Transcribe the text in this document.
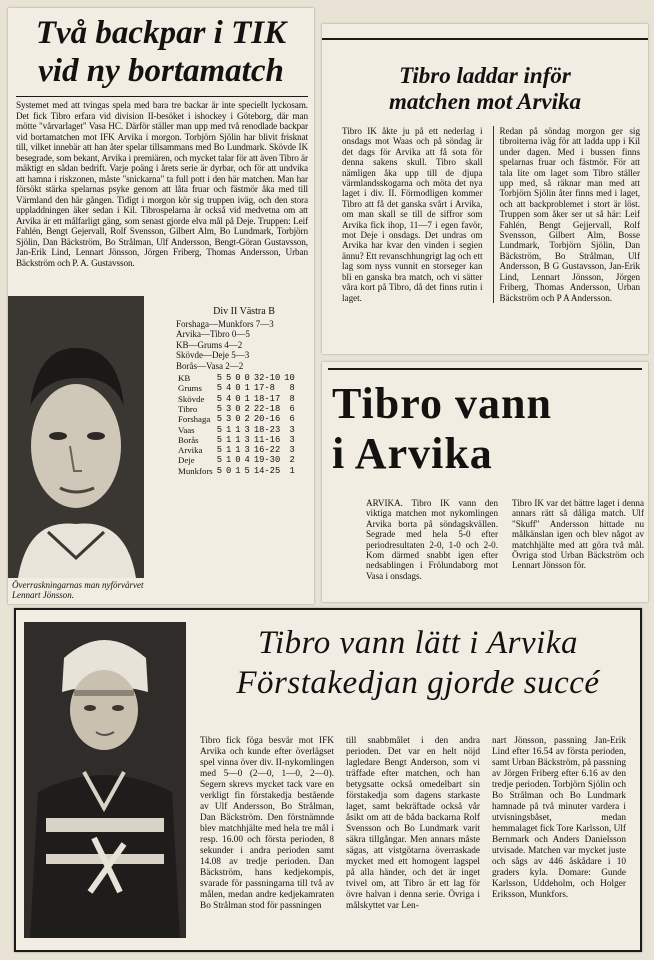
Två backpar i TIK
vid ny bortamatch
Systemet med att tvingas spela med bara tre backar är inte speciellt lyckosam. Det fick Tibro erfara vid division II-besöket i ishockey i Göteborg, där man mötte "vårvarlaget" Vasa HC. Därför ställer man upp med två renodlade backpar vid bortamatchen mot IFK Arvika i morgon. Torbjörn Sjölin har blivit frisknat till, vilket innebär att han åter spelar tillsammans med Bo Lundmark. Skövde IK besegrade, som bekant, Arvika i premiären, och mycket talar för att även Tibro är mäktigt en sådan bedrift. Varje poäng i årets serie är dyrbar, och för att undvika att hamna i riskzonen, måste "snickarna" ta full pott i den här matchen. Man har försökt stärka spelarnas psyke genom att låta fruar och fästmör åka med till Värmland den här gången. Tidigt i morgon kör sig truppen iväg, och den stora uppladdningen äker sedan i Kil. Tibrospelarna är också vid medvetna om att Arvika är ett målfarligt gäng, som senast gjorde elva mål på Deje. Truppen: Leif Fahlén, Bengt Gejervall, Rolf Svensson, Gilbert Alm, Bo Lundmark, Torbjörn Sjölin, Dan Bäckström, Bo Strålman, Ulf Andersson, Bengt-Göran Gustavsson, Jan-Erik Lind, Lennart Jönsson, Jörgen Friberg, Thomas Andersson, Urban Bäckström och P. A. Gustavsson.
Överraskningarnas man nyförvärvet Lennart Jönsson.
Div II Västra B
Forshaga—Munkfors 7—3
Arvika—Tibro 0—5
KB—Grums 4—2
Skövde—Deje 5—3
Borås—Vasa 2—2
KB	5	5	0	0	32-10	10
Grums	5	4	0	1	17-8	8
Skövde	5	4	0	1	18-17	8
Tibro	5	3	0	2	22-18	6
Forshaga	5	3	0	2	20-16	6
Vaas	5	1	1	3	18-23	3
Borås	5	1	1	3	11-16	3
Arvika	5	1	1	3	16-22	3
Deje	5	1	0	4	19-30	2
Munkfors	5	0	1	5	14-25	1
Tibro laddar inför
matchen mot Arvika
Tibro IK åkte ju på ett nederlag i onsdags mot Waas och på söndag är det dags för Arvika att få sota för denna sakens skull. Tibro skall nämligen åka upp till de djupa värmlandsskogarna och möta det nya laget i div. II. Förmodligen kommer Tibro att få det ganska svårt i Arvika, om man skall se till de siffror som Arvika fick ihop, 11—7 i egen favör, mot Deje i onsdags. Det undras om Arvika har kvar den vinden i segien ännu? Ett revanschhungrigt lag och ett lag som nyss vunnit en storseger kan bli en ganska bra match, och vi sätter våra kort på Tibro, då det finns rutin i laget.
Redan på söndag morgon ger sig tibroiterna iväg för att ladda upp i Kil under dagen. Med i bussen finns spelarnas fruar och fästmör. För att tala lite om laget som Tibro ställer upp med, så räknar man med att Torbjörn Sjölin åter finns med i laget, och att backproblemet i stort är löst. Truppen som åker ser ut så här: Leif Fahlén, Bengt Gejjervall, Rolf Svensson, Gilbert Alm, Bosse Lundmark, Torbjörn Sjölin, Dan Bäckström, Bo Strålman, Ulf Andersson, B G Gustavsson, Jan-Erik Lind, Lennart Jönsson, Jörgen Friberg, Thomas Andersson, Urban Bäckström och P A Andersson.
Tibro vann
i Arvika
ARVIKA. Tibro IK vann den viktiga matchen mot nykomlingen Arvika borta på söndagskvällen. Segrade med hela 5-0 efter periodresultaten 2-0, 1-0 och 2-0. Kom därmed snabbt igen efter nedsablingen i Frölundaborg mot Vasa i onsdags.
Tibro IK var det bättre laget i denna annars rätt så dåliga match. Ulf "Skuff" Andersson hittade nu målkänslan igen och blev något av matchhjälte med att göra två mål. Övriga stod Urban Bäckström och Lennart Jönsson för.
Tibro vann lätt i Arvika
Förstakedjan gjorde succé
Tibro fick föga besvär mot IFK Arvika och kunde efter överlägset spel vinna över div. II-nykomlingen med 5—0 (2—0, 1—0, 2—0). Segern skrevs mycket tack vare en verkligt fin förstakedja bestående av Ulf Andersson, Bo Strålman, Dan Bäckström. Den förstnämnde blev matchhjälte med hela tre mål i resp. 16.00 och första perioden, 8 sekunder i andra perioden samt 14.08 av tredje perioden. Dan Bäckström, hans kedjekompis, svarade för passningarna till två av målen, medan andre kedjekamraten Bo Strålman stod för passningen
till snabbmålet i den andra perioden. Det var en helt nöjd lagledare Bengt Anderson, som vi träffade efter matchen, och han betygsatte också omedelbart sin förstakedja som dagens starkaste laget, samt bekräftade också vår åsikt om att de båda backarna Rolf Svensson och Bo Lundmark varit säkra tillgångar. Men annars måste sägas, att vistgötarna överraskade mycket med ett homogent lagspel på alla händer, och det är inget tvivel om, att Tibro är ett lag för övre halvan i denna serie. Övriga i målskyttet var Len-
nart Jönsson, passning Jan-Erik Lind efter 16.54 av första perioden, samt Urban Bäckström, på passning av Jörgen Friberg efter 6.16 av den tredje perioden. Torbjörn Sjölin och Bo Strålman och Bo Lundmark hamnade på två minuter vardera i utvisningsbåset, medan hemmalaget fick Tore Karlsson, Ulf Bernmark och Anders Danielsson utvisade. Matchen var mycket juste och sågs av 446 åskådare i 10 graders kyla. Domare: Gunde Karlsson, Uddeholm, och Holger Eriksson, Munkfors.
